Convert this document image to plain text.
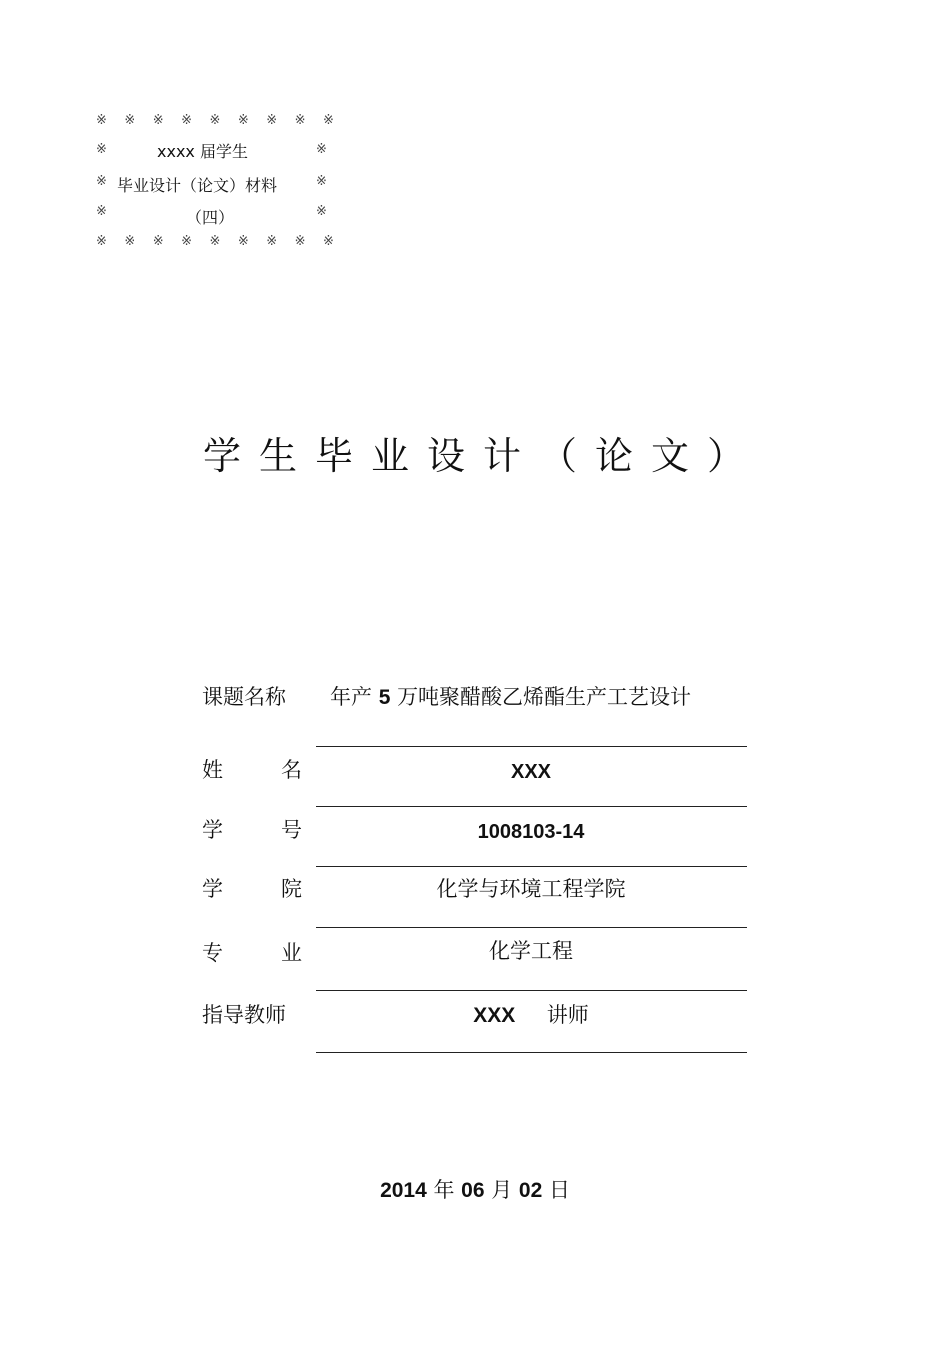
※ ※ ※ ※ ※ ※ ※ ※ ※
※	※
xxxx 届学生
※	※
毕业设计（论文）材料
※	※
（四）
※ ※ ※ ※ ※ ※ ※ ※ ※
学生毕业设计（论文）
课题名称	年产 5 万吨聚醋酸乙烯酯生产工艺设计
姓	名	XXX
学	号	1008103-14
学	院	化学与环境工程学院
专	业	化学工程
指导教师	XXX 讲师
2014 年 06 月 02 日
